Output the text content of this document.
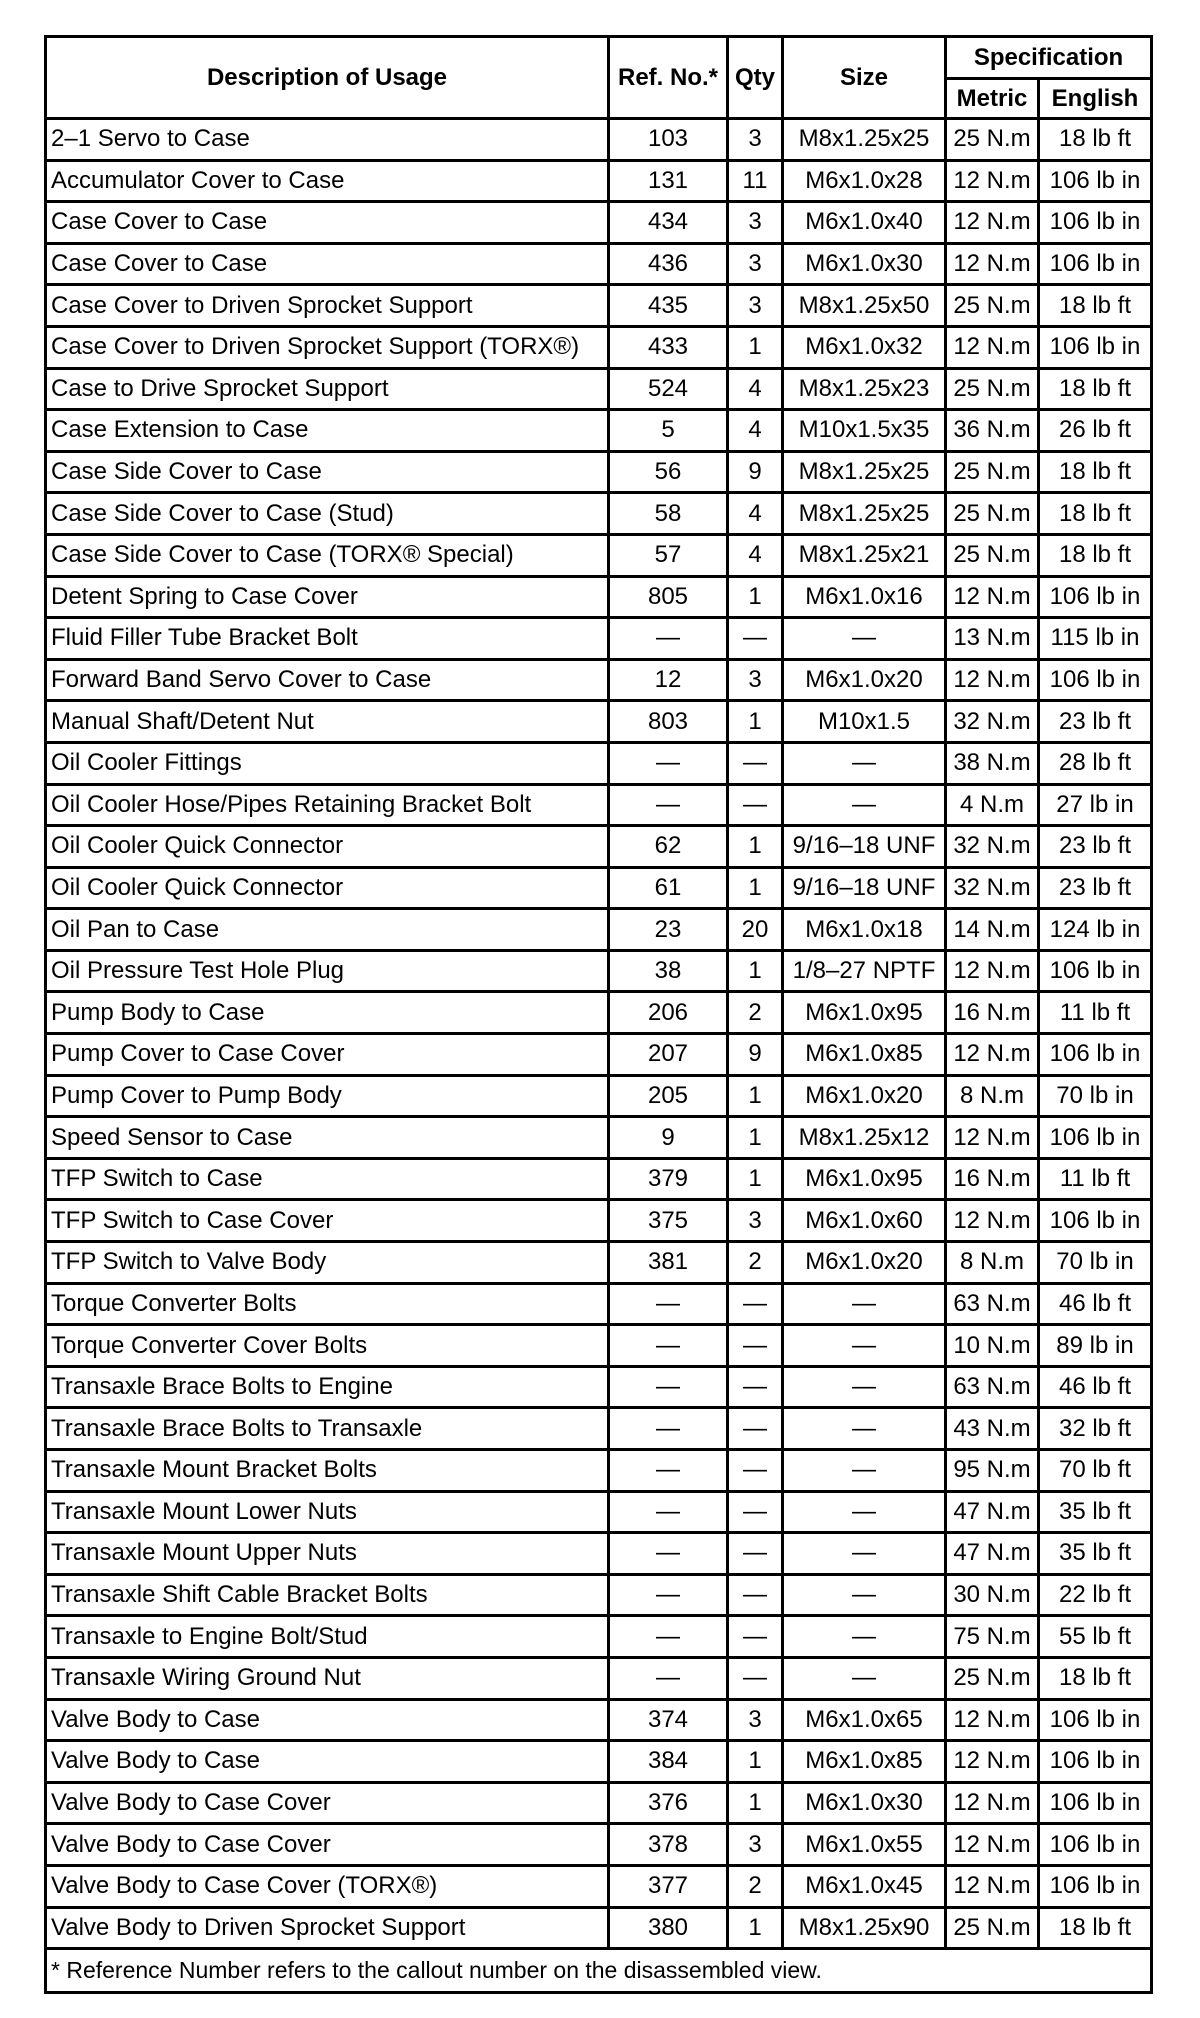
Description of Usage	Ref. No.*	Qty	Size	Specification	
				Metric	English
2–1 Servo to Case	103	3	M8x1.25x25	25 N.m	18 lb ft
Accumulator Cover to Case	131	11	M6x1.0x28	12 N.m	106 lb in
Case Cover to Case	434	3	M6x1.0x40	12 N.m	106 lb in
Case Cover to Case	436	3	M6x1.0x30	12 N.m	106 lb in
Case Cover to Driven Sprocket Support	435	3	M8x1.25x50	25 N.m	18 lb ft
Case Cover to Driven Sprocket Support (TORX®)	433	1	M6x1.0x32	12 N.m	106 lb in
Case to Drive Sprocket Support	524	4	M8x1.25x23	25 N.m	18 lb ft
Case Extension to Case	5	4	M10x1.5x35	36 N.m	26 lb ft
Case Side Cover to Case	56	9	M8x1.25x25	25 N.m	18 lb ft
Case Side Cover to Case (Stud)	58	4	M8x1.25x25	25 N.m	18 lb ft
Case Side Cover to Case (TORX® Special)	57	4	M8x1.25x21	25 N.m	18 lb ft
Detent Spring to Case Cover	805	1	M6x1.0x16	12 N.m	106 lb in
Fluid Filler Tube Bracket Bolt	—	—	—	13 N.m	115 lb in
Forward Band Servo Cover to Case	12	3	M6x1.0x20	12 N.m	106 lb in
Manual Shaft/Detent Nut	803	1	M10x1.5	32 N.m	23 lb ft
Oil Cooler Fittings	—	—	—	38 N.m	28 lb ft
Oil Cooler Hose/Pipes Retaining Bracket Bolt	—	—	—	4 N.m	27 lb in
Oil Cooler Quick Connector	62	1	9/16–18 UNF	32 N.m	23 lb ft
Oil Cooler Quick Connector	61	1	9/16–18 UNF	32 N.m	23 lb ft
Oil Pan to Case	23	20	M6x1.0x18	14 N.m	124 lb in
Oil Pressure Test Hole Plug	38	1	1/8–27 NPTF	12 N.m	106 lb in
Pump Body to Case	206	2	M6x1.0x95	16 N.m	11 lb ft
Pump Cover to Case Cover	207	9	M6x1.0x85	12 N.m	106 lb in
Pump Cover to Pump Body	205	1	M6x1.0x20	8 N.m	70 lb in
Speed Sensor to Case	9	1	M8x1.25x12	12 N.m	106 lb in
TFP Switch to Case	379	1	M6x1.0x95	16 N.m	11 lb ft
TFP Switch to Case Cover	375	3	M6x1.0x60	12 N.m	106 lb in
TFP Switch to Valve Body	381	2	M6x1.0x20	8 N.m	70 lb in
Torque Converter Bolts	—	—	—	63 N.m	46 lb ft
Torque Converter Cover Bolts	—	—	—	10 N.m	89 lb in
Transaxle Brace Bolts to Engine	—	—	—	63 N.m	46 lb ft
Transaxle Brace Bolts to Transaxle	—	—	—	43 N.m	32 lb ft
Transaxle Mount Bracket Bolts	—	—	—	95 N.m	70 lb ft
Transaxle Mount Lower Nuts	—	—	—	47 N.m	35 lb ft
Transaxle Mount Upper Nuts	—	—	—	47 N.m	35 lb ft
Transaxle Shift Cable Bracket Bolts	—	—	—	30 N.m	22 lb ft
Transaxle to Engine Bolt/Stud	—	—	—	75 N.m	55 lb ft
Transaxle Wiring Ground Nut	—	—	—	25 N.m	18 lb ft
Valve Body to Case	374	3	M6x1.0x65	12 N.m	106 lb in
Valve Body to Case	384	1	M6x1.0x85	12 N.m	106 lb in
Valve Body to Case Cover	376	1	M6x1.0x30	12 N.m	106 lb in
Valve Body to Case Cover	378	3	M6x1.0x55	12 N.m	106 lb in
Valve Body to Case Cover (TORX®)	377	2	M6x1.0x45	12 N.m	106 lb in
Valve Body to Driven Sprocket Support	380	1	M8x1.25x90	25 N.m	18 lb ft
* Reference Number refers to the callout number on the disassembled view.					
